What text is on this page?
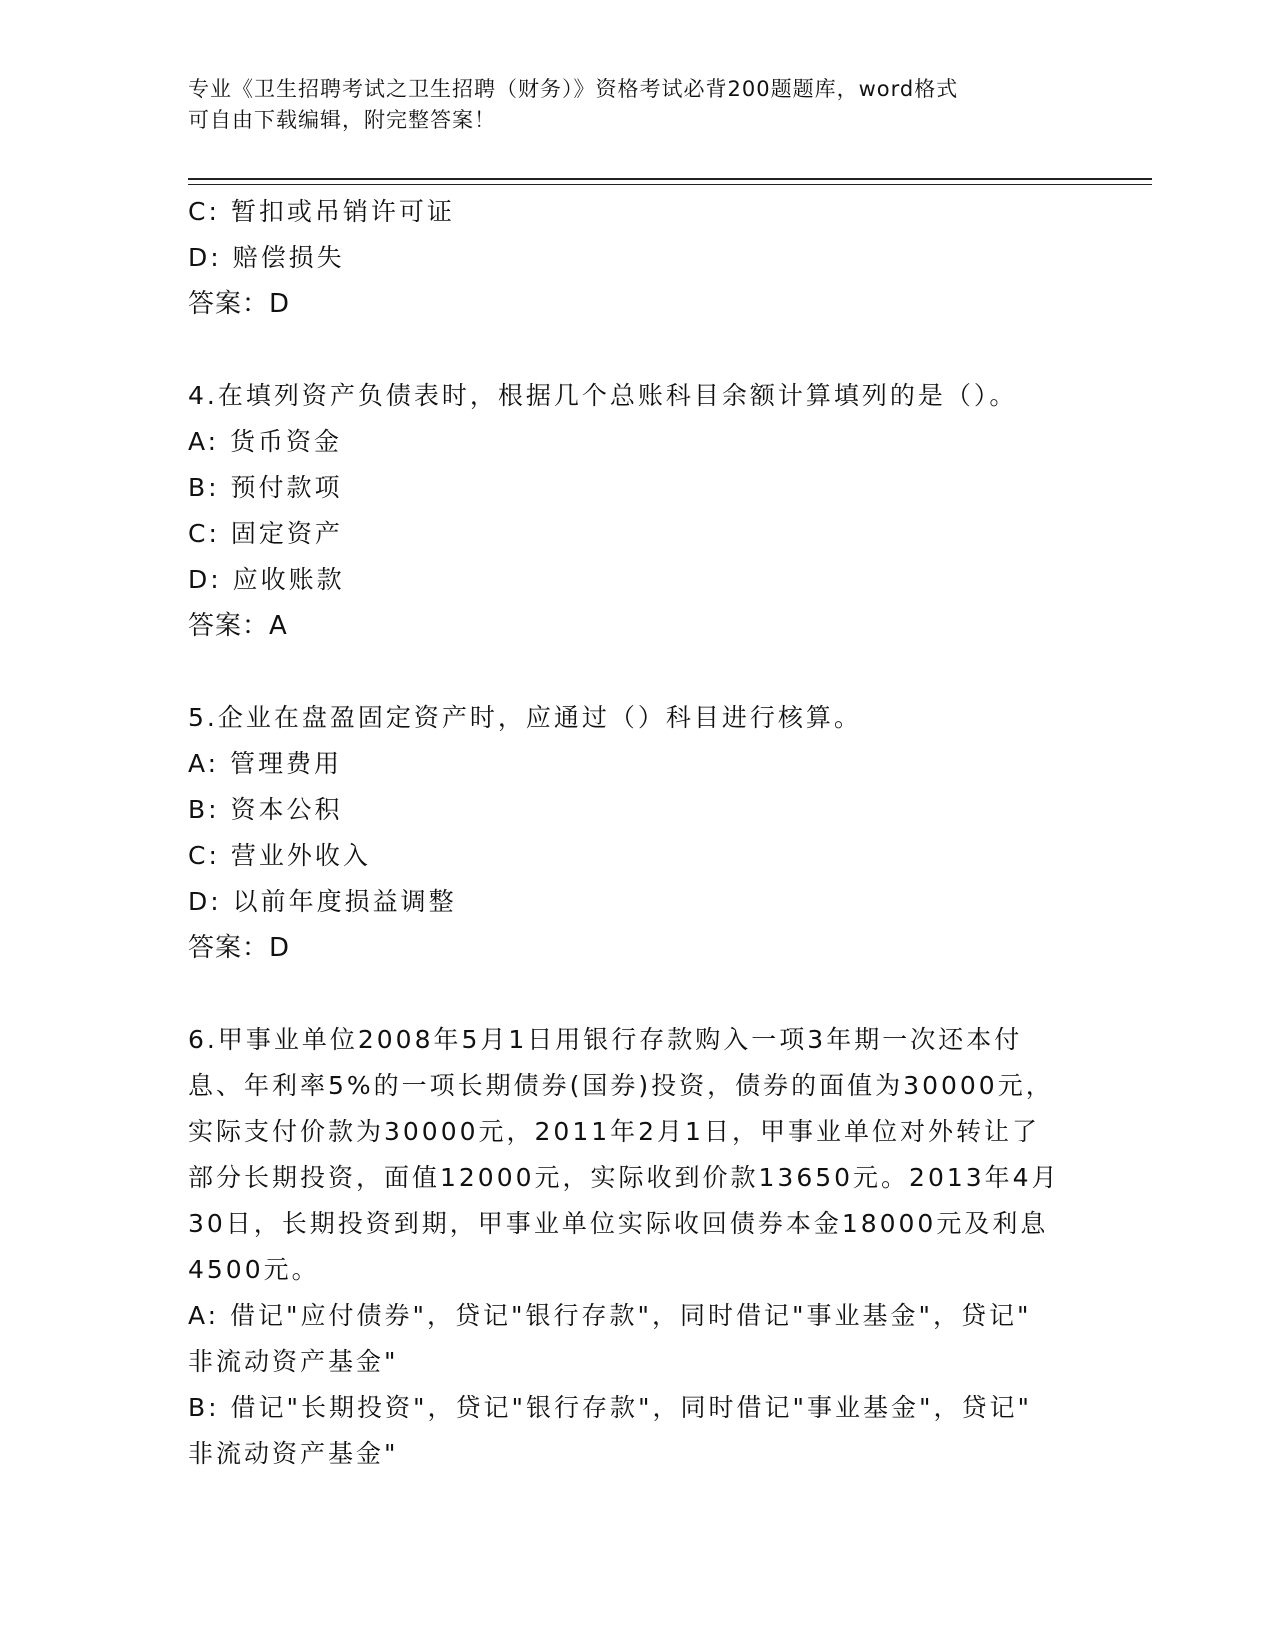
专业《卫生招聘考试之卫生招聘（财务）》资格考试必背200题题库，word格式
可自由下载编辑，附完整答案！
C: 暂扣或吊销许可证
D: 赔偿损失
答案：D
4.在填列资产负债表时，根据几个总账科目余额计算填列的是（）。
A: 货币资金
B: 预付款项
C: 固定资产
D: 应收账款
答案：A
5.企业在盘盈固定资产时，应通过（）科目进行核算。
A: 管理费用
B: 资本公积
C: 营业外收入
D: 以前年度损益调整
答案：D
6.甲事业单位2008年5月1日用银行存款购入一项3年期一次还本付
息、年利率5%的一项长期债券(国券)投资，债券的面值为30000元，
实际支付价款为30000元，2011年2月1日，甲事业单位对外转让了
部分长期投资，面值12000元，实际收到价款13650元。2013年4月
30日，长期投资到期，甲事业单位实际收回债券本金18000元及利息
4500元。
A: 借记"应付债券"，贷记"银行存款"，同时借记"事业基金"，贷记"
非流动资产基金"
B: 借记"长期投资"，贷记"银行存款"，同时借记"事业基金"，贷记"
非流动资产基金"
